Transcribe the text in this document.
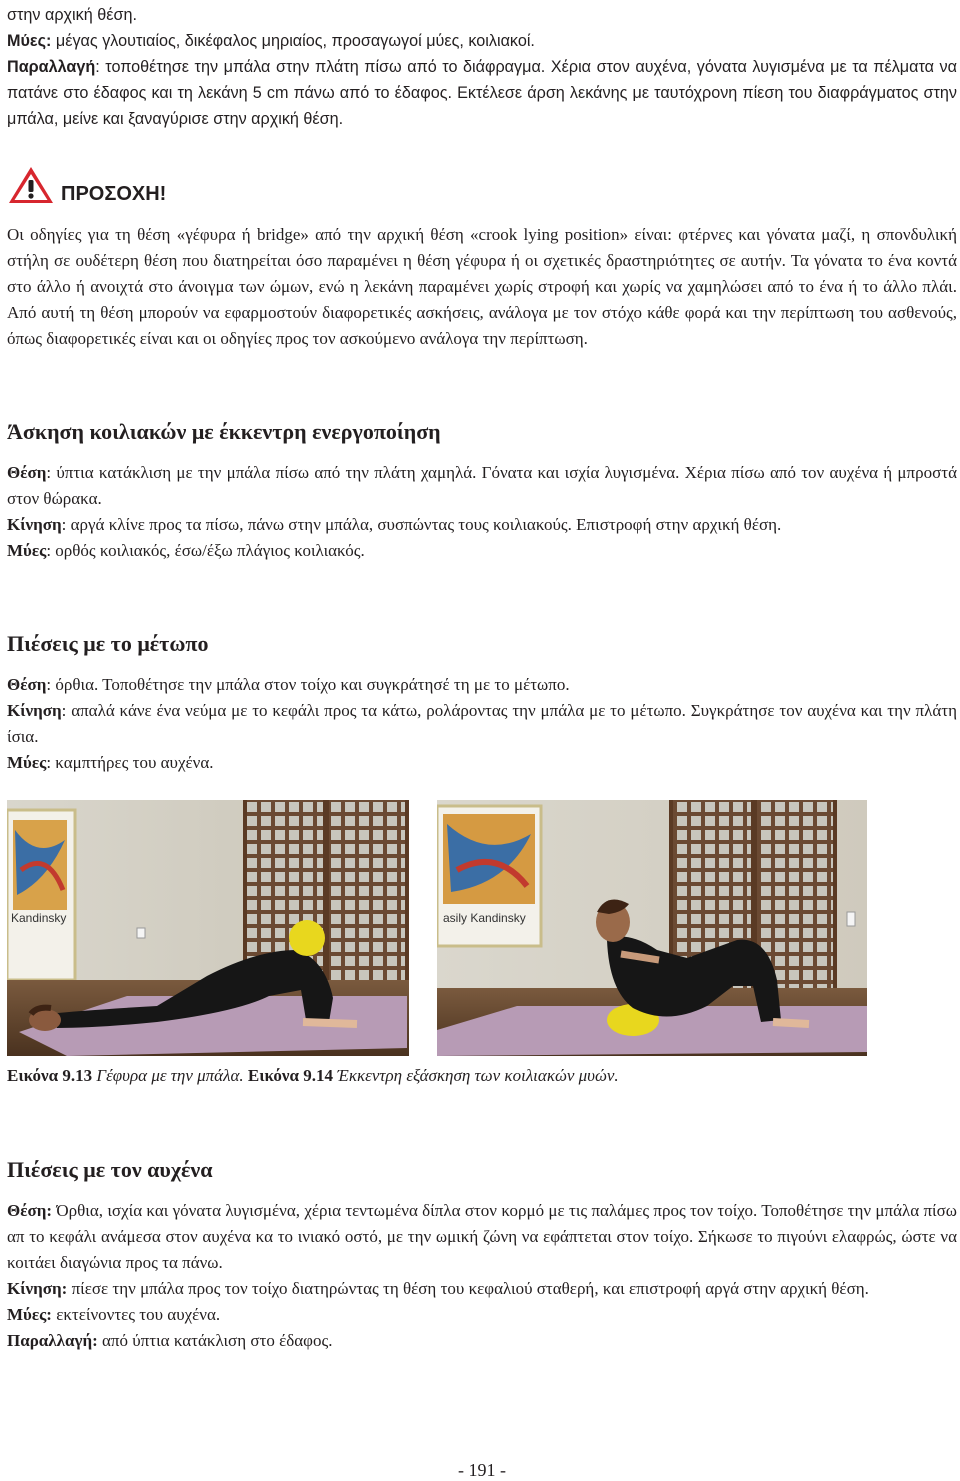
στην αρχική θέση.

Μύες: μέγας γλουτιαίος, δικέφαλος μηριαίος, προσαγωγοί μύες, κοιλιακοί.

Παραλλαγή: τοποθέτησε την μπάλα στην πλάτη πίσω από το διάφραγμα. Χέρια στον αυχένα, γόνατα λυγισμένα με τα πέλματα να πατάνε στο έδαφος και τη λεκάνη 5 cm πάνω από το έδαφος. Εκτέλεσε άρση λεκάνης με ταυτόχρονη πίεση του διαφράγματος στην μπάλα, μείνε και ξαναγύρισε στην αρχική θέση.

ΠΡΟΣΟΧΗ!

Οι οδηγίες για τη θέση «γέφυρα ή bridge» από την αρχική θέση «crook lying position» είναι: φτέρνες και γόνατα μαζί, η σπονδυλική στήλη σε ουδέτερη θέση που διατηρείται όσο παραμένει η θέση γέφυρα ή οι σχετικές δραστηριότητες σε αυτήν. Τα γόνατα το ένα κοντά στο άλλο ή ανοιχτά στο άνοιγμα των ώμων, ενώ η λεκάνη παραμένει χωρίς στροφή και χωρίς να χαμηλώσει από το ένα ή το άλλο πλάι. Από αυτή τη θέση μπορούν να εφαρμοστούν διαφορετικές ασκήσεις, ανάλογα με τον στόχο κάθε φορά και την περίπτωση του ασθενούς, όπως διαφορετικές είναι και οι οδηγίες προς τον ασκούμενο ανάλογα την περίπτωση.

Άσκηση κοιλιακών με έκκεντρη ενεργοποίηση

Θέση: ύπτια κατάκλιση με την μπάλα πίσω από την πλάτη χαμηλά. Γόνατα και ισχία λυγισμένα. Χέρια πίσω από τον αυχένα ή μπροστά στον θώρακα.

Κίνηση: αργά κλίνε προς τα πίσω, πάνω στην μπάλα, συσπώντας τους κοιλιακούς. Επιστροφή στην αρχική θέση.

Μύες: ορθός κοιλιακός, έσω/έξω πλάγιος κοιλιακός.

Πιέσεις με το μέτωπο

Θέση: όρθια. Τοποθέτησε την μπάλα στον τοίχο και συγκράτησέ τη με το μέτωπο.

Κίνηση: απαλά κάνε ένα νεύμα με το κεφάλι προς τα κάτω, ρολάροντας την μπάλα με το μέτωπο. Συγκράτησε τον αυχένα και την πλάτη ίσια.

Μύες: καμπτήρες του αυχένα.

Kandinsky	asily Kandinsky
Εικόνα 9.13 Γέφυρα με την μπάλα. Εικόνα 9.14 Έκκεντρη εξάσκηση των κοιλιακών μυών.
Πιέσεις με τον αυχένα

Θέση: Όρθια, ισχία και γόνατα λυγισμένα, χέρια τεντωμένα δίπλα στον κορμό με τις παλάμες προς τον τοίχο. Τοποθέτησε την μπάλα πίσω απ το κεφάλι ανάμεσα στον αυχένα κα το ινιακό οστό, με την ωμική ζώνη να εφάπτεται στον τοίχο. Σήκωσε το πιγούνι ελαφρώς, ώστε να κοιτάει διαγώνια προς τα πάνω.

Κίνηση: πίεσε την μπάλα προς τον τοίχο διατηρώντας τη θέση του κεφαλιού σταθερή, και επιστροφή αργά στην αρχική θέση.

Μύες: εκτείνοντες του αυχένα.

Παραλλαγή: από ύπτια κατάκλιση στο έδαφος.

- 191 -
